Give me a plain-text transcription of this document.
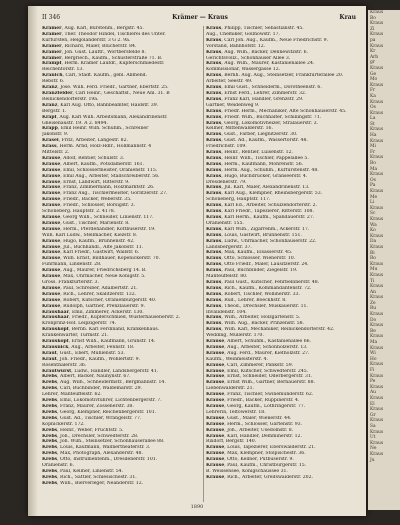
II 346	Krämer — Kraus	Krau
Krämer, Aug. Karl, Bürstenm., Bergstr. 45.
Kramer, Ther. Theodor Hindel, Tischlerei des Unter.
Kurfürsten, Helgolanderstr. 3 G 2. 9a.
Kramer, Richard, Maler, Blücherstr. 84.
Kramer, Joh. Gust. Lauftr., Wörtbersfelde 8.
Kramer, Bergriech., Kaufm., Schusterstraße 71. B.
Krampf, Herm. Kramer Laufdr., Kupferschmiedestr.
Reichentorstr. 13.
Kranich, Carl, Stadt. Kaufm., gebl. Allmend.
Rebstr. 6.
Kranz, Jose. Wilh. Ferd. Friedr., Gärtner, Ebertstr. 25.
Kranzfelder, Carl Heinr., Geschäftsf., Neue Anl. 31. B
Reinickendorferstr. 19a.
Kranz, Karl Aug. Otto, Bahnbeamter, Haidstr. 39.
Bergstr. 1.
Krapf, Aug. Karl Wilh. Arbeitsmann, Alexandrinenstr.
Gneisenaustr. 19. A 2. 8494.
Krapp, Emil Heinr. Wilh. Schuhm., Schreiner
Jakobstr. 9.
Krasel, Fritz, Arbeiter, Langestr. 82.
Krass, Herm. Arnd, Holz-Hdlr., Hollmannstr. 4
Mittelstr. 2.
Krause, Adolf, Rentier, Schulstr. 3.
Krause, Albert, Kaufm., Potsdamerstr. 161.
Krause, Emil, Schlossermeister, Oranienstr. 115.
Krause, Emil Aug., Arbeiter, Stallschreiberstr. 56.
Krause, Ernst, Landwirt, Ritterstr. 9.
Krause, Franz, Zimmermann, Holzmarktstr. 26.
Krause, Franz Aug., Tischlermeister, Görlitzerstr. 27.
Krause, Friedr., Bäcker, Weberstr. 35.
Krause, Friedr., Schlosser, Borsigstr. 3.
Schöneberg. Hauptstr. 2. 4178.
Krause, Georg Wilh., Schneider, Linienstr. 117.
Krause, Gust., Tischler, Marienstr. 8.
Krause, Herm., Pferdehändler, Kottbuserstr. 19.
Wilh. Karl Ludw., Stellmacher, Kiezstr. 8.
Krause, Hugo, Kaufm., Brunnenstr. 42.
Krause, Jul., Buchhändl., Alte Jakobstr. 11.
Krause, Karl Friedr., Gastwirt, Wallstr. 6.
Krause, Wilh. Ernst, Bildhauer, Köpenickerstr. 70.
Fuhrmann, Lindenstr. 28.
Krause, Aug., Maurer, Friedrichsberg 14. B.
Krause, Max, Uhrmacher, Neue Königstr. 5.
Gross. Frankfurterstr. 3.
Krause, Paul, Schreiber, Adalbertstr. 21.
Krause, Rich., Lehrer, Skalitzerstr. 132.
Krause, Robert, Kutscher, Oranienburgerstr. 40.
Krause, Rudolph, Gärtner, Prenzlauerstr. 9.
Kraushaar, Emil, Zimmerer, Ackerstr. 130.
Kraushaar, Friedr., Kupferschmied, Wusterhausenerstr. 2.
Kronprinz-Hof. Leipzigerstr. 74.
Krauskopf, Bernh. Karl Ferdinand, Krankenhaus.
Krankenwärter, Turmstr. 21.
Krauskopf, Ernst Wilh., Kaufmann, Grünstr. 14.
Krausnick, Aug., Arbeiter, Fennstr. 18.
Kraut, Gust., Ebert, Mühlenstr. 53.
Kraut, Joh. Friedr., Kaufm., Wöhlertstr. 9.
Rosenthalerstr. 36.
Krautwurst, Ludw., Händler, Landsbergerstr. 41.
Krebs, Albert, Bäcker, Naunynstr. 67.
Krebs, Aug. Wilh., Schneidermstr., Bergmannstr. 14.
Krebs, Carl, Buchbinder, Waldemarstr. 29.
Lehrer, Manteuffelstr. 62.
Krebs, Emil, Lokomotivführer, Lichtenbergerstr. 7.
Krebs, Franz, Maurer, Zossenerstr. 38.
Krebs, Georg, Klempner, Reichenbergerstr. 101.
Krebs, Gust. Ad., Tischler, Wrangelstr. 77.
Köpnickerstr. 172.
Krebs, Heinr., Weber, Fruchtstr. 5.
Krebs, Joh., Drechsler, Schwedterstr. 28.
Krebs, Joh. Wilh., Steinsetzer, Schönhauserallee 88.
Krebs, Louis, Kaufmann, Wallnertheaterstr. 3.
Krebs, Max, Photograph, Alexanderstr. 48.
Krebs, Otto, Instrumentenm., Dresdenerstr. 101.
Oranienstr. 6.
Krebs, Paul, Kellner, Linienstr. 54.
Krebs, Rich., Sattler, Schlesischestr. 31.
Krebs, Wilh., Bierverleger, Neanderstr. 12.
Kraus, Philipp, Tischler, Sebastianstr. 45.
Aug., Chemiker, Gollnowstr. 17.
Kraus, Carl Joh. Aug., Kaufm., Neue Friedrichstr. 9.
Vorstand, Bahnhofstr. 12.
Kraus, Aug. Wilh., Bäcker, Dennewitzstr. 6.
Gerichtsvollz., Schönhauser Allee 3.
Kraus, Aug. Wilh., Maurer, Kastanienallee 24.
Kommissionär, Wassergasse 12.
Kraus, Bernh. Aug. Aug., Steinsetzer, Frankfurterallee 20.
Arbeiter, Seestr. 49.
Kraus, Emil Gust., Schneiderm., Dorotheenstr. 6.
Kraus, Ernst Ferd., Lehrer, Zimmerstr. 32.
Kraus, Franz Karl, Händler, Grenzstr. 29.
Gärtner, Weidenweg 9.
Kraus, Friedr. Herm., Mechaniker, Alte Schönhauserstr. 45.
Kraus, Friedr. Wilh., Buchhalter, Schillingstr. 71.
Kraus, Georg, Lokomotivheizer, Stralauerstr. 3.
Kellner, Mittenwalderstr. 16.
Kraus, Gust., Färber, Liegnitzerstr. 30.
Kraus, Gust. Ad., Kaufm., Wassertorstr. 48.
Friedrichstr. 109.
Kraus, Heinr., Rentier, Luisenstr. 12.
Kraus, Heinr. Wilh., Tischler, Pappelallee 5.
Kraus, Herm., Kaufmann, Mohrenstr. 56.
Kraus, Herm. Aug., Schuhm., Kurfürstenstr. 48.
Kraus, Hugo, Buchdrucker, Granseerstr. 4.
Dresdenerstr. 79.
Kraus, Jul. Karl, Maler, Alexandrinenstr. 13.
Kraus, Karl Aug., Klempner, Rheinsbergerstr. 53.
Schöneberg, Hauptstr. 117.
Kraus, Karl Ed., Arbeiter, Schulzendorferstr. 2.
Kraus, Karl Friedr., Tapezierer, Ritterstr. 108.
Kraus, Karl Herm., Kaufm., Spandauerstr. 27.
Oranienstr. 155.
Kraus, Karl Wilh., Zigarrenm., Ackerstr. 17.
Kraus, Louis, Gastwirt, Brunnenstr. 151.
Kraus, Ludw., Uhrmacher, Schönhauserstr. 22.
Landsbergerstr. 37.
Kraus, Max, Kaufm., Elsasserstr. 45.
Kraus, Otto, Schlosser, Wienerstr. 10.
Kraus, Otto Friedr., Maler, Lausitzerstr. 24.
Kraus, Paul, Buchbinder, Ziegelstr. 19.
Manteuffelstr. 80.
Kraus, Paul Gust., Kutscher, Fehrbellinerstr. 48.
Kraus, Rich., Kaufm., Kommandantenstr. 72.
Kraus, Robert, Tischler, Wollinerstr. 33.
Kraus, Rud., Lehrer, Boeckhstr. 8.
Kraus, Theod., Drechsler, Muskauerstr. 11.
Invalidenstr. 104.
Kraus, Wilh., Arbeiter, Holzgartenstr. 5.
Kraus, Wilh. Aug., Bäcker, Prinzenstr. 58.
Kraus, Wilh. Karl, Mechaniker, Reinickendorferstr. 42.
Wedding, Müllerstr. 170.
Krause, Albert, Schuhm., Kastanienallee 66.
Krause, Aug., Arbeiter, Schönholzerstr. 13.
Krause, Aug. Ferd., Maurer, Kiefholzstr. 27.
Kaufm., Weinmeisterstr. 4.
Krause, Carl, Zimmerer, Pankstr. 59.
Krause, Emil, Kutscher, Schwedterstr. 245.
Krause, Ernst, Schneider, Oderbergerstr. 31.
Krause, Ernst Wilh., Gärtner, Bernauerstr. 88.
Liebenwalderstr. 21.
Krause, Franz, Tischler, Swinemünderstr. 62.
Krause, Friedr., Bäcker, Ruppinerstr. 4.
Krause, Georg, Kaufm., Lothringerstr. 77.
Lehrerin, Teltowerstr. 18.
Krause, Gust., Maler, Wienerstr. 44.
Krause, Herm., Schlosser, Gartenstr. 93.
Krause, Joh., Arbeiter, Usedomstr. 8.
Krause, Karl, Händler, Demminerstr. 12.
Rixdorf, Bergstr. 140.
Krause, Louis, Tapezierer, Eberswalderstr. 21.
Krause, Max, Klempner, Stolpischestr. 36.
Krause, Otto, Kellner, Putbuserstr. 9.
Krause, Paul, Kaufm., Christburgerstr. 15.
B. Weissensee, Königschaussee 31.
Krause, Rich., Arbeiter, Greifswalderstr. 202.
1890
Kraus
Bo
Kraus
Zi
Kraus
pa
Kraus
Kr
Arb
gr
Kraus
Ge
Mo
Kraus
Fr
Ka
Kraus
Os
Kraus
La
St
Kraus
Ha
Kraus
Mi
Fr
Kraus
Bo
Ma
Kraus
Os
Pa
Kraus
Me
Li
Kraus
Sc
Kraus
Wa
Ko
Kraus
Da
Kraus
Bi
Ro
Kraus
Mu
Kraus
Ti
Kraus
An
Kraus
Ze
Ru
Kraus
Do
Kraus
Be
Kraus
Ma
Kraus
Wi
Ho
Kraus
Fi
Kraus
Pe
Kraus
Au
Kraus
El
Kraus
Gr
Kraus
Sa
Kraus
Ut
Kraus
Ne
Kraus
Ju
